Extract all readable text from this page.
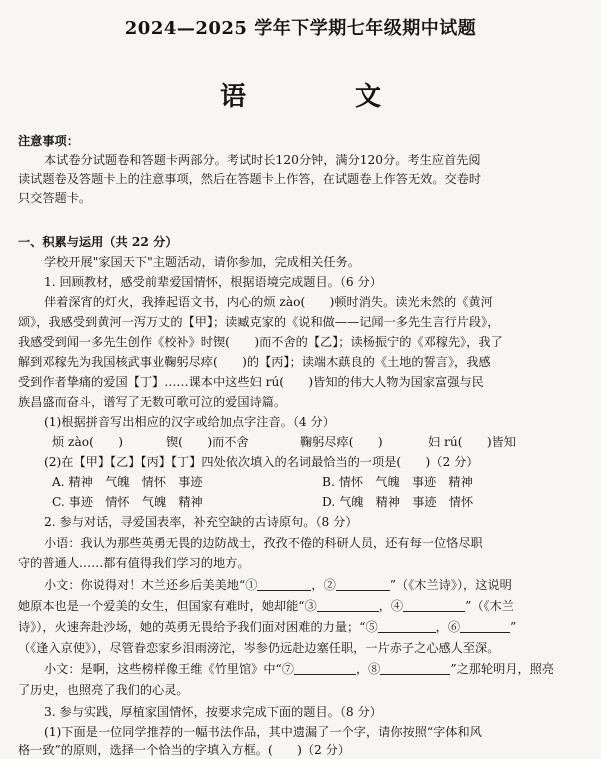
2024—2025 学年下学期七年级期中试题
语 文
注意事项：
本试卷分试题卷和答题卡两部分。考试时长120分钟，满分120分。考生应首先阅
读试题卷及答题卡上的注意事项，然后在答题卡上作答，在试题卷上作答无效。交卷时
只交答题卡。
一、积累与运用（共 22 分）
学校开展"家国天下"主题活动，请你参加，完成相关任务。
1. 回顾教材，感受前辈爱国情怀，根据语境完成题目。（6 分）
伴着深宵的灯火，我捧起语文书，内心的烦 zào(　　)顿时消失。读光未然的《黄河
颂》，我感受到黄河一泻万丈的【甲】；读臧克家的《说和做——记闻一多先生言行片段》，
我感受到闻一多先生创作《校补》时锲(　　)而不舍的【乙】；读杨振宁的《邓稼先》，我了
解到邓稼先为我国核武事业鞠躬尽瘁(　　)的【丙】；读端木蕻良的《土地的誓言》，我感
受到作者挚痛的爱国【丁】……课本中这些妇 rú(　　)皆知的伟大人物为国家富强与民
族昌盛而奋斗，谱写了无数可歌可泣的爱国诗篇。
(1)根据拼音写出相应的汉字或给加点字注音。（4 分）
烦 zào(　　)	锲(　　)而不舍	鞠躬尽瘁(　　)	妇 rú(　　)皆知
(2)在【甲】【乙】【丙】【丁】四处依次填入的名词最恰当的一项是(　　)（2 分）
A. 精神　气魄　情怀　事迹	B. 情怀　气魄　事迹　精神
C. 事迹　情怀　气魄　精神	D. 气魄　精神　事迹　情怀
2. 参与对话，寻爱国表率，补充空缺的古诗原句。（8 分）
小语：我认为那些英勇无畏的边防战士，孜孜不倦的科研人员，还有每一位恪尽职
守的普通人……都有值得我们学习的地方。
小文：你说得对！木兰还乡后美美地“①	，②	”（《木兰诗》），这说明
她原本也是一个爱美的女生，但国家有难时，她却能“③	，④	”（《木兰
诗》），火速奔赴沙场，她的英勇无畏给予我们面对困难的力量；“⑤	，⑥	”
（《逢入京使》），尽管眷恋家乡泪雨滂沱，岑参仍远赴边塞任职，一片赤子之心感人至深。
小文：是啊，这些榜样像王维《竹里馆》中“⑦	，⑧	”之那轮明月，照亮
了历史，也照亮了我们的心灵。
3. 参与实践，厚植家国情怀，按要求完成下面的题目。（8 分）
(1)下面是一位同学推荐的一幅书法作品，其中遗漏了一个字，请你按照“字体和风
格一致”的原则，选择一个恰当的字填入方框。(　　)（2 分）
